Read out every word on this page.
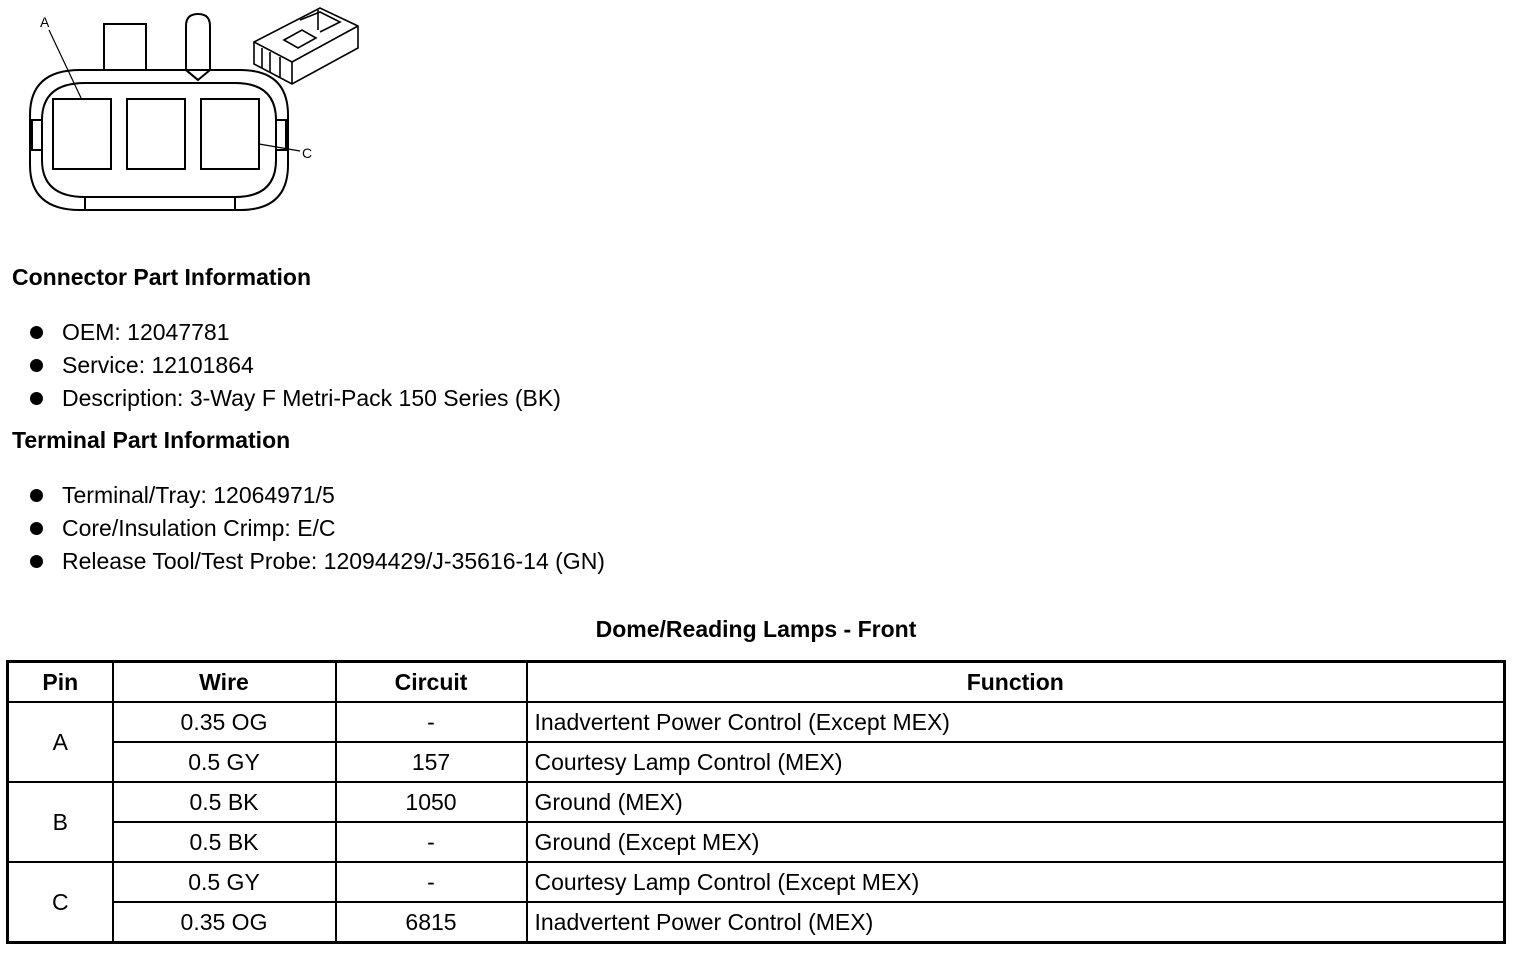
A
C
Connector Part Information
OEM: 12047781
Service: 12101864
Description: 3-Way F Metri-Pack 150 Series (BK)
Terminal Part Information
Terminal/Tray: 12064971/5
Core/Insulation Crimp: E/C
Release Tool/Test Probe: 12094429/J-35616-14 (GN)
Dome/Reading Lamps - Front
Pin	Wire	Circuit	Function
A	0.35 OG	-	Inadvertent Power Control (Except MEX)
	0.5 GY	157	Courtesy Lamp Control (MEX)
B	0.5 BK	1050	Ground (MEX)
	0.5 BK	-	Ground (Except MEX)
C	0.5 GY	-	Courtesy Lamp Control (Except MEX)
	0.35 OG	6815	Inadvertent Power Control (MEX)
